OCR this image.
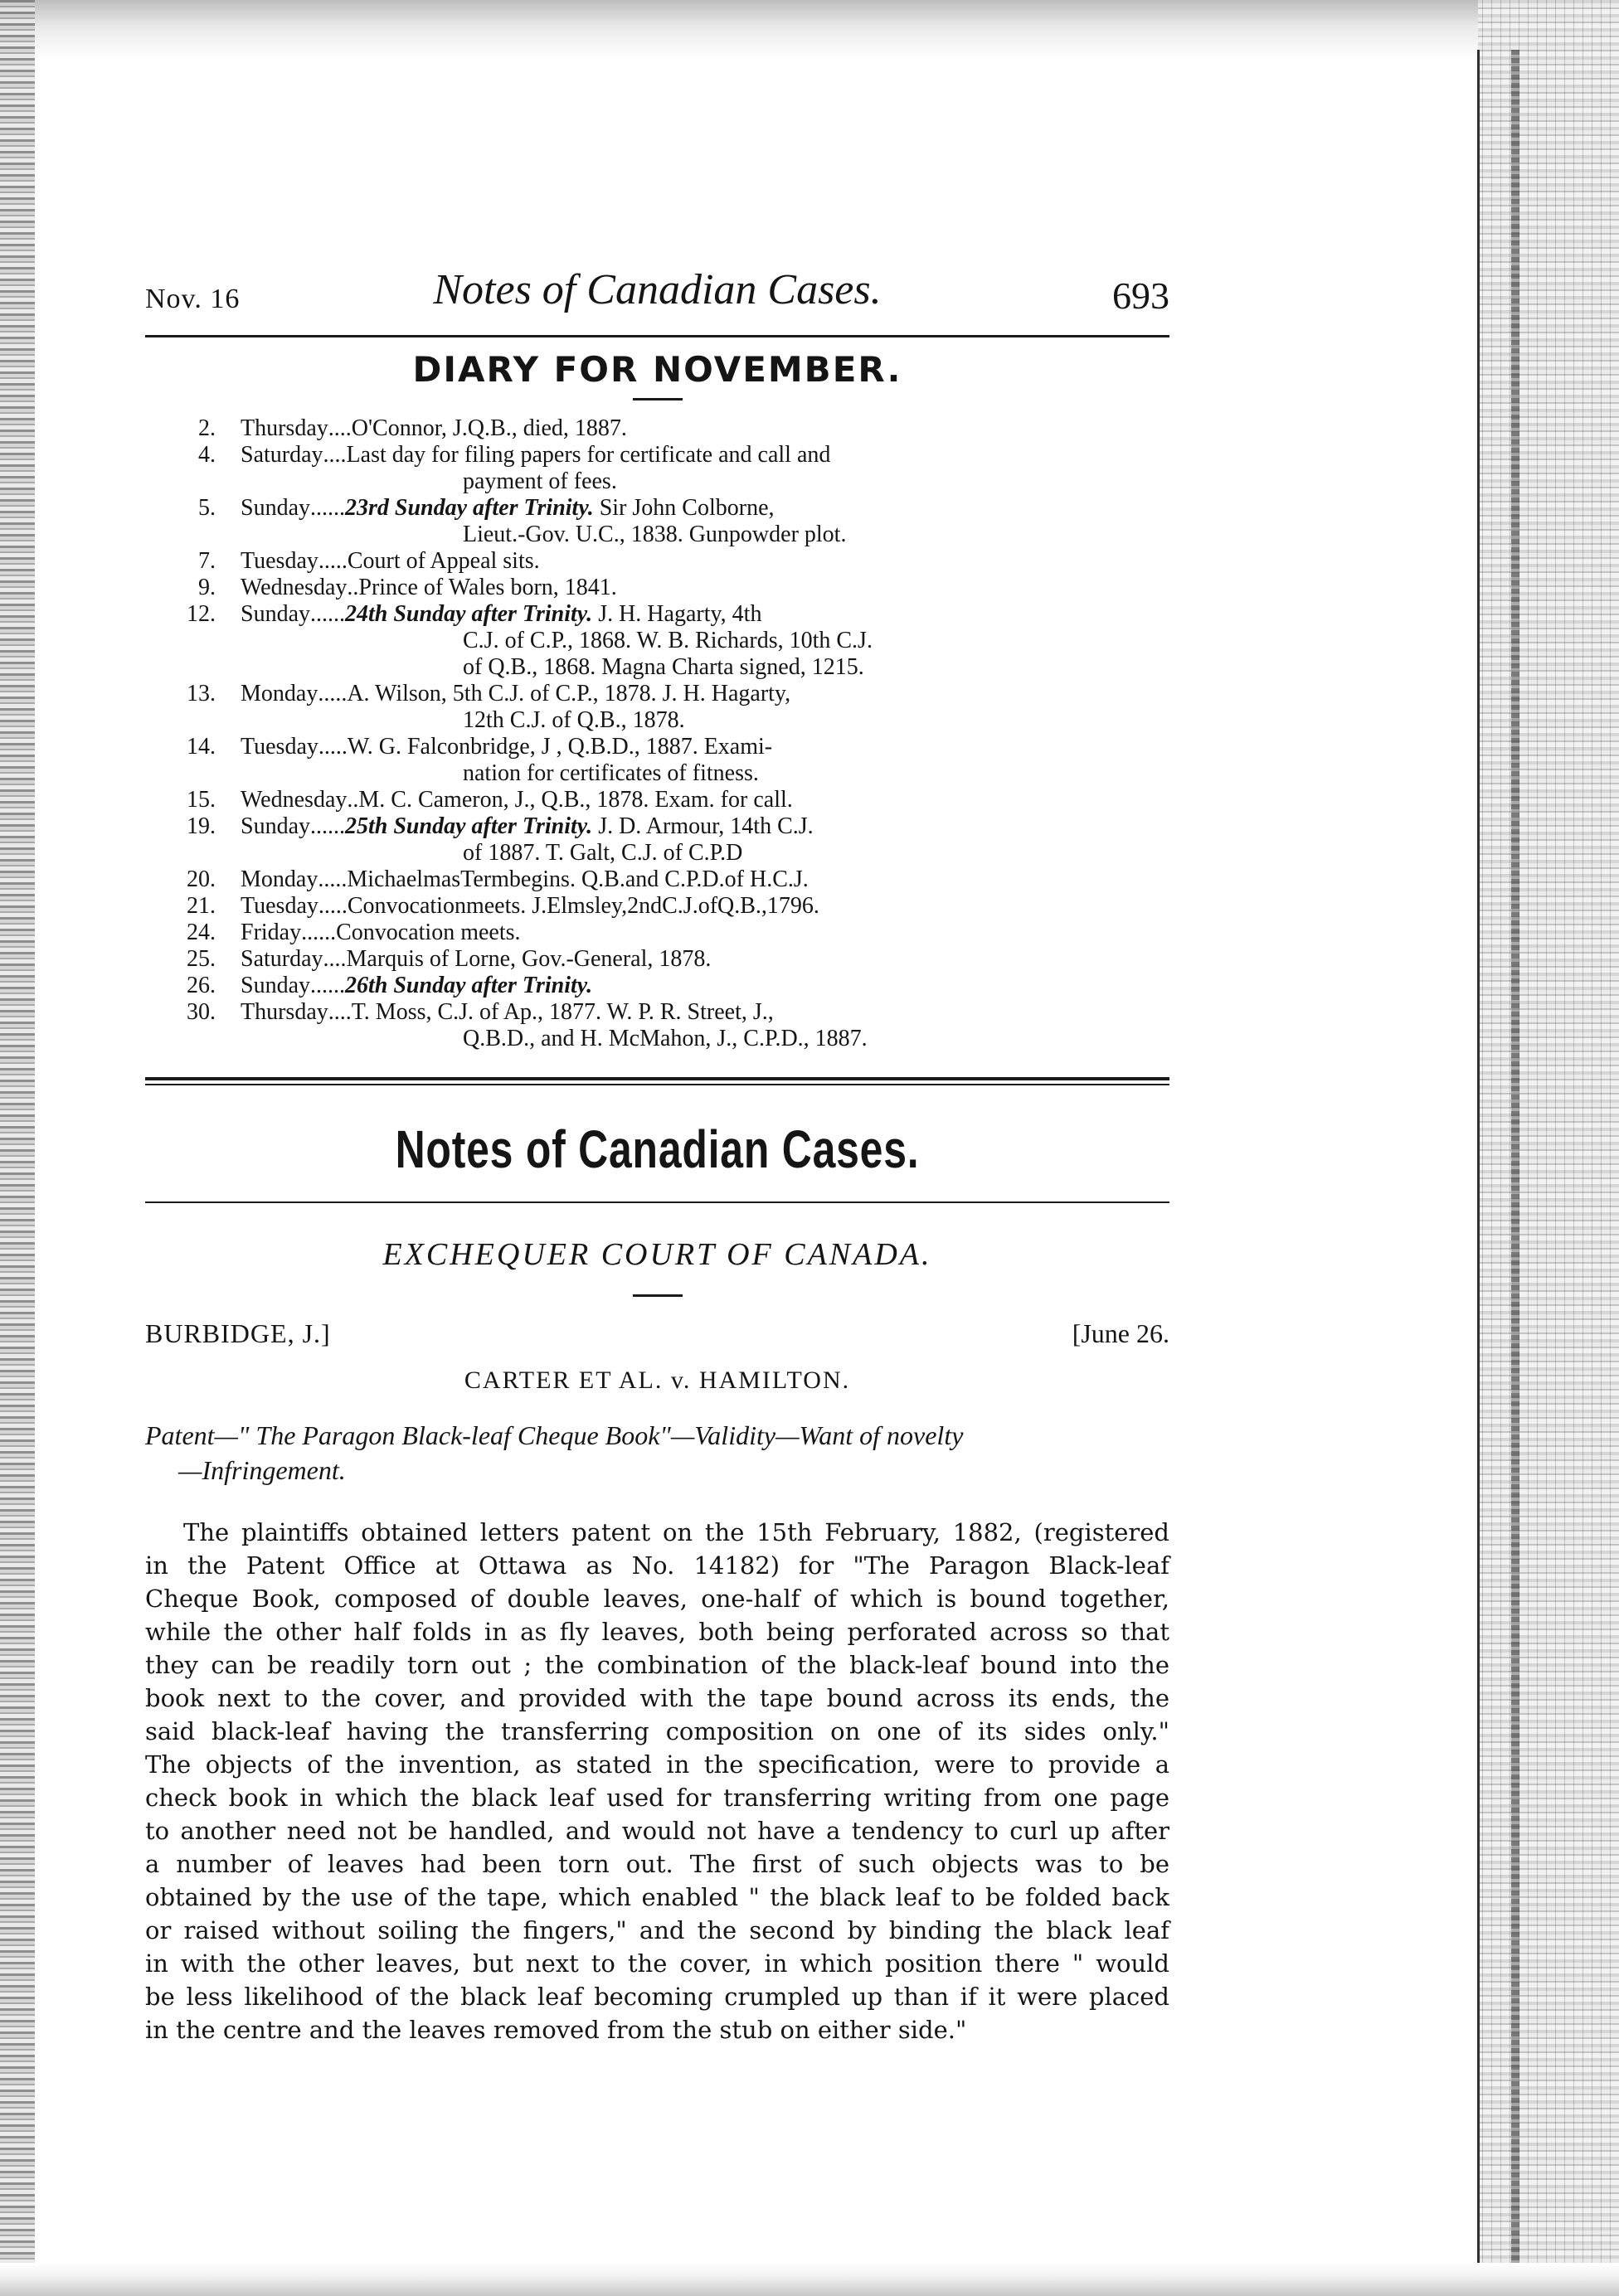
Nov. 16	Notes of Canadian Cases.	693
DIARY FOR NOVEMBER.
2.	Thursday .... O'Connor, J.Q.B., died, 1887.
4.	Saturday .... Last day for filing papers for certificate and call and
payment of fees.
5.	Sunday ...... 23rd Sunday after Trinity. Sir John Colborne,
Lieut.-Gov. U.C., 1838. Gunpowder plot.
7.	Tuesday ..... Court of Appeal sits.
9.	Wednesday .. Prince of Wales born, 1841.
12.	Sunday ...... 24th Sunday after Trinity. J. H. Hagarty, 4th
C.J. of C.P., 1868. W. B. Richards, 10th C.J.
of Q.B., 1868. Magna Charta signed, 1215.
13.	Monday ..... A. Wilson, 5th C.J. of C.P., 1878. J. H. Hagarty,
12th C.J. of Q.B., 1878.
14.	Tuesday ..... W. G. Falconbridge, J , Q.B.D., 1887. Exami-
nation for certificates of fitness.
15.	Wednesday .. M. C. Cameron, J., Q.B., 1878. Exam. for call.
19.	Sunday ...... 25th Sunday after Trinity. J. D. Armour, 14th C.J.
of 1887. T. Galt, C.J. of C.P.D
20.	Monday ..... MichaelmasTermbegins. Q.B.and C.P.D.of H.C.J.
21.	Tuesday ..... Convocationmeets. J.Elmsley,2ndC.J.ofQ.B.,1796.
24.	Friday ...... Convocation meets.
25.	Saturday .... Marquis of Lorne, Gov.-General, 1878.
26.	Sunday ...... 26th Sunday after Trinity.
30.	Thursday .... T. Moss, C.J. of Ap., 1877. W. P. R. Street, J.,
Q.B.D., and H. McMahon, J., C.P.D., 1887.
Notes of Canadian Cases.
EXCHEQUER COURT OF CANADA.
BURBIDGE, J.]	[June 26.
CARTER ET AL. v. HAMILTON.
Patent—" The Paragon Black-leaf Cheque Book"—Validity—Want of novelty
—Infringement.
The plaintiffs obtained letters patent on the 15th February, 1882, (registered
in the Patent Office at Ottawa as No. 14182) for "The Paragon Black-leaf
Cheque Book, composed of double leaves, one-half of which is bound together,
while the other half folds in as fly leaves, both being perforated across so that
they can be readily torn out ; the combination of the black-leaf bound into the
book next to the cover, and provided with the tape bound across its ends, the
said black-leaf having the transferring composition on one of its sides only."
The objects of the invention, as stated in the specification, were to provide a
check book in which the black leaf used for transferring writing from one page
to another need not be handled, and would not have a tendency to curl up after
a number of leaves had been torn out. The first of such objects was to be
obtained by the use of the tape, which enabled " the black leaf to be folded back
or raised without soiling the fingers," and the second by binding the black leaf
in with the other leaves, but next to the cover, in which position there " would
be less likelihood of the black leaf becoming crumpled up than if it were placed
in the centre and the leaves removed from the stub on either side."
